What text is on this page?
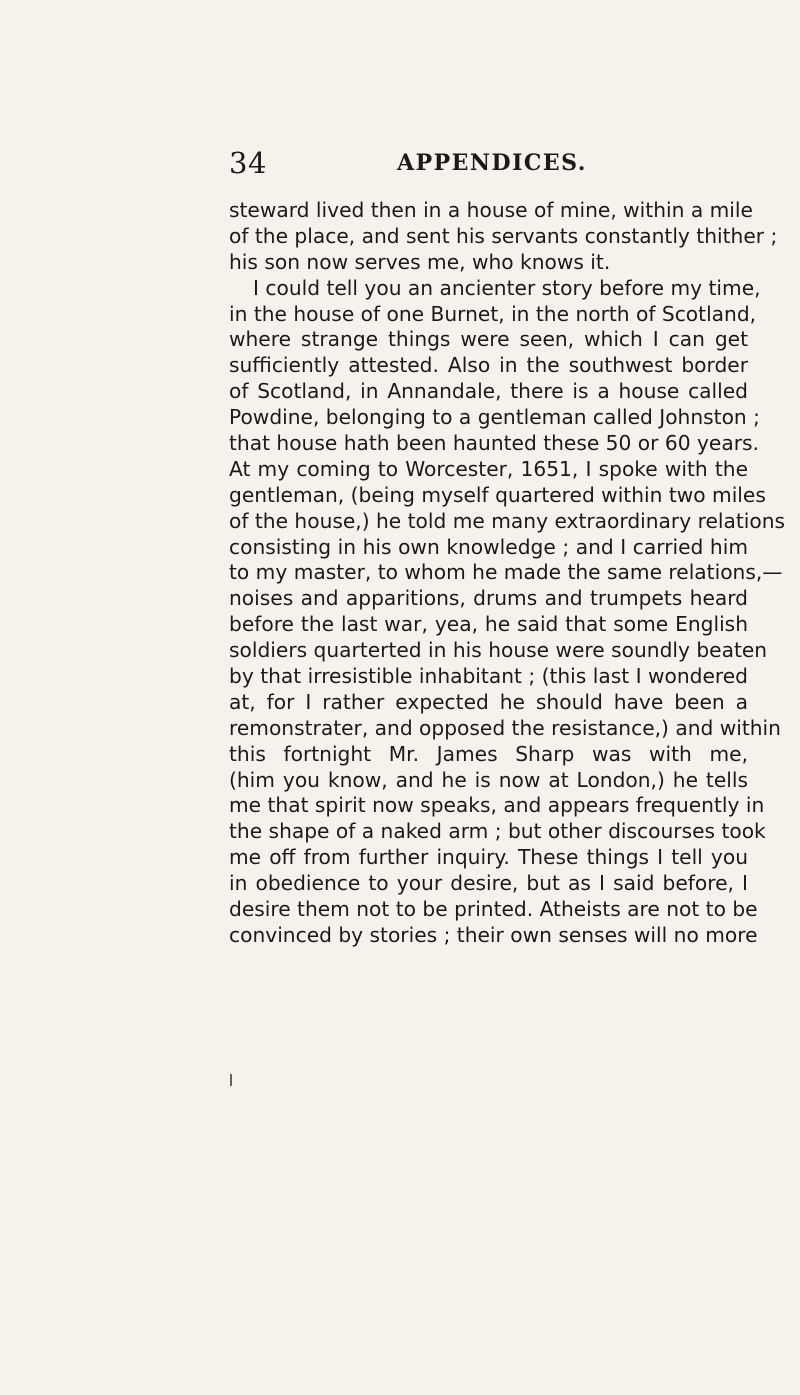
34	APPENDICES.
steward lived then in a house of mine, within a mile
of the place, and sent his servants constantly thither ;
his son now serves me, who knows it.
I could tell you an ancienter story before my time,
in the house of one Burnet, in the north of Scotland,
where strange things were seen, which I can get
sufficiently attested. Also in the southwest border
of Scotland, in Annandale, there is a house called
Powdine, belonging to a gentleman called Johnston ;
that house hath been haunted these 50 or 60 years.
At my coming to Worcester, 1651, I spoke with the
gentleman, (being myself quartered within two miles
of the house,) he told me many extraordinary relations
consisting in his own knowledge ; and I carried him
to my master, to whom he made the same relations,—
noises and apparitions, drums and trumpets heard
before the last war, yea, he said that some English
soldiers quarterted in his house were soundly beaten
by that irresistible inhabitant ; (this last I wondered
at, for I rather expected he should have been a
remonstrater, and opposed the resistance,) and within
this fortnight Mr. James Sharp was with me,
(him you know, and he is now at London,) he tells
me that spirit now speaks, and appears frequently in
the shape of a naked arm ; but other discourses took
me off from further inquiry. These things I tell you
in obedience to your desire, but as I said before, I
desire them not to be printed. Atheists are not to be
convinced by stories ; their own senses will no more
